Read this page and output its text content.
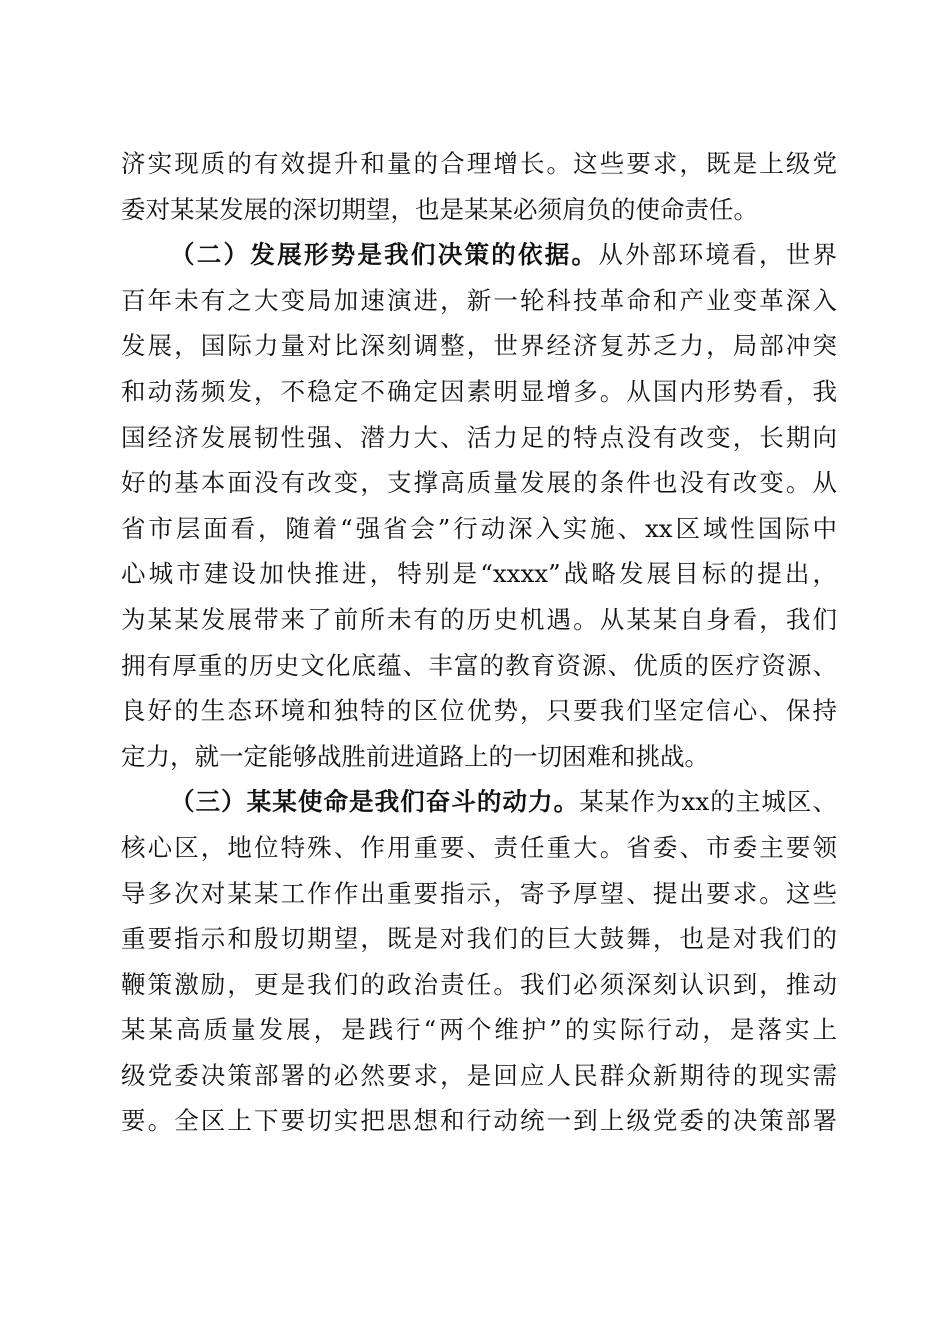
济实现质的有效提升和量的合理增长。这些要求，既是上级党
委对某某发展的深切期望，也是某某必须肩负的使命责任。
（二）发展形势是我们决策的依据。从外部环境看，世界
百年未有之大变局加速演进，新一轮科技革命和产业变革深入
发展，国际力量对比深刻调整，世界经济复苏乏力，局部冲突
和动荡频发，不稳定不确定因素明显增多。从国内形势看，我
国经济发展韧性强、潜力大、活力足的特点没有改变，长期向
好的基本面没有改变，支撑高质量发展的条件也没有改变。从
省市层面看，随着“强省会”行动深入实施、xx区域性国际中
心城市建设加快推进，特别是“xxxx”战略发展目标的提出，
为某某发展带来了前所未有的历史机遇。从某某自身看，我们
拥有厚重的历史文化底蕴、丰富的教育资源、优质的医疗资源、
良好的生态环境和独特的区位优势，只要我们坚定信心、保持
定力，就一定能够战胜前进道路上的一切困难和挑战。
（三）某某使命是我们奋斗的动力。某某作为xx的主城区、
核心区，地位特殊、作用重要、责任重大。省委、市委主要领
导多次对某某工作作出重要指示，寄予厚望、提出要求。这些
重要指示和殷切期望，既是对我们的巨大鼓舞，也是对我们的
鞭策激励，更是我们的政治责任。我们必须深刻认识到，推动
某某高质量发展，是践行“两个维护”的实际行动，是落实上
级党委决策部署的必然要求，是回应人民群众新期待的现实需
要。全区上下要切实把思想和行动统一到上级党委的决策部署
